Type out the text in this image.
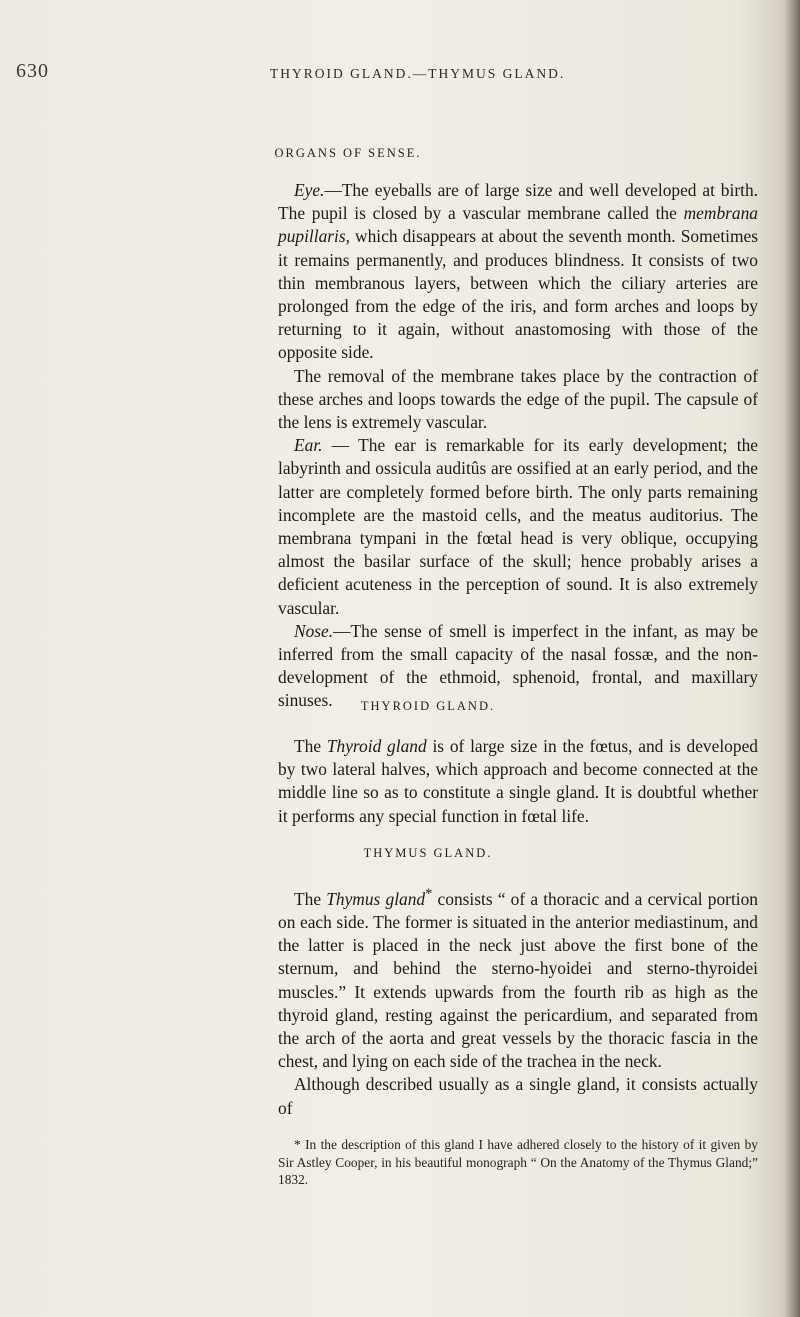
630	THYROID GLAND.—THYMUS GLAND.
ORGANS OF SENSE.

Eye.—The eyeballs are of large size and well developed at birth. The pupil is closed by a vascular membrane called the membrana pupillaris, which disappears at about the seventh month. Sometimes it remains permanently, and produces blindness. It consists of two thin membranous layers, between which the ciliary arteries are prolonged from the edge of the iris, and form arches and loops by returning to it again, without anastomosing with those of the opposite side.

The removal of the membrane takes place by the contraction of these arches and loops towards the edge of the pupil. The capsule of the lens is extremely vascular.

Ear. — The ear is remarkable for its early development; the labyrinth and ossicula auditûs are ossified at an early period, and the latter are completely formed before birth. The only parts remaining incomplete are the mastoid cells, and the meatus auditorius. The membrana tympani in the fœtal head is very oblique, occupying almost the basilar surface of the skull; hence probably arises a deficient acuteness in the perception of sound. It is also extremely vascular.

Nose.—The sense of smell is imperfect in the infant, as may be inferred from the small capacity of the nasal fossæ, and the non-development of the ethmoid, sphenoid, frontal, and maxillary sinuses.	THYROID GLAND.

The Thyroid gland is of large size in the fœtus, and is developed by two lateral halves, which approach and become connected at the middle line so as to constitute a single gland. It is doubtful whether it performs any special function in fœtal life.

THYMUS GLAND.

The Thymus gland* consists “ of a thoracic and a cervical portion on each side. The former is situated in the anterior mediastinum, and the latter is placed in the neck just above the first bone of the sternum, and behind the sterno-hyoidei and sterno-thyroidei muscles.” It extends upwards from the fourth rib as high as the thyroid gland, resting against the pericardium, and separated from the arch of the aorta and great vessels by the thoracic fascia in the chest, and lying on each side of the trachea in the neck.

Although described usually as a single gland, it consists actually of

* In the description of this gland I have adhered closely to the history of it given by Sir Astley Cooper, in his beautiful monograph “ On the Anatomy of the Thymus Gland;” 1832.
